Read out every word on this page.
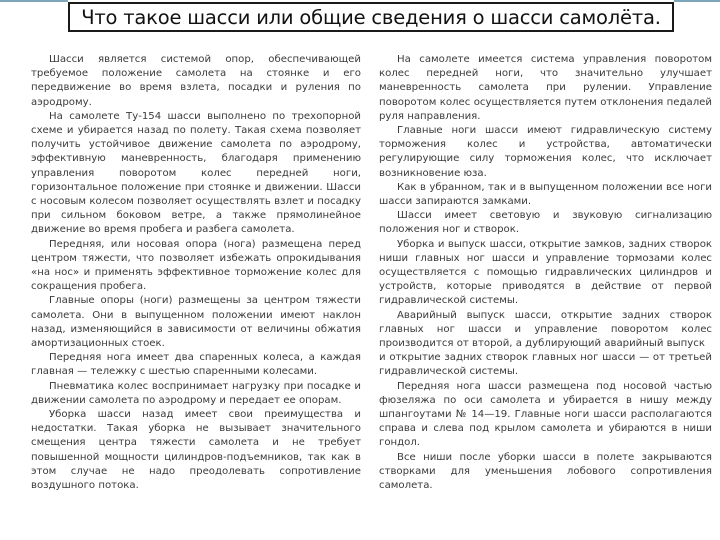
Что такое шасси или общие сведения о шасси самолёта.

Шасси является системой опор, обеспечивающей требуемое положение самолета на стоянке и его передвижение во время взлета, посадки и руления по аэродрому.

На самолете Ту-154 шасси выполнено по трехопорной схеме и убирается назад по полету. Такая схема позволяет получить устойчивое движение самолета по аэродрому, эффективную маневренность, благодаря применению управления поворотом колес передней ноги, горизонтальное положение при стоянке и движении. Шасси с носовым колесом позволяет осуществлять взлет и посадку при сильном боковом ветре, а также прямолинейное движение во время пробега и разбега самолета.

Передняя, или носовая опора (нога) размещена перед центром тяжести, что позволяет избежать опрокидывания «на нос» и применять эффективное торможение колес для сокращения пробега.

Главные опоры (ноги) размещены за центром тяжести самолета. Они в выпущенном положении имеют наклон назад, изменяющийся в зависимости от величины обжатия амортизационных стоек.

Передняя нога имеет два спаренных колеса, а каждая главная — тележку с шестью спаренными колесами.

Пневматика колес воспринимает нагрузку при посадке и движении самолета по аэродрому и передает ее опорам.

Уборка шасси назад имеет свои преимущества и недостатки. Такая уборка не вызывает значительного смещения центра тяжести самолета и не требует повышенной мощности цилиндров-подъемников, так как в этом случае не надо преодолевать сопротивление воздушного потока.

На самолете имеется система управления поворотом колес передней ноги, что значительно улучшает маневренность самолета при рулении. Управление поворотом колес осуществляется путем отклонения педалей руля направления.

Главные ноги шасси имеют гидравлическую систему торможения колес и устройства, автоматически регулирующие силу торможения колес, что исключает возникновение юза.

Как в убранном, так и в выпущенном положении все ноги шасси запираются замками.

Шасси имеет световую и звуковую сигнализацию положения ног и створок.

Уборка и выпуск шасси, открытие замков, задних створок ниши главных ног шасси и управление тормозами колес осуществляется с помощью гидравлических цилиндров и устройств, которые приводятся в действие от первой гидравлической системы.

Аварийный выпуск шасси, открытие задних створок главных ног шасси и управление поворотом колес производится от второй, а дублирующий аварийный выпуск

и открытие задних створок главных ног шасси — от третьей гидравлической системы.

Передняя нога шасси размещена под носовой частью фюзеляжа по оси самолета и убирается в нишу между шпангоутами № 14—19. Главные ноги шасси располагаются справа и слева под крылом самолета и убираются в ниши гондол.

Все ниши после уборки шасси в полете закрываются створками для уменьшения лобового сопротивления самолета.
